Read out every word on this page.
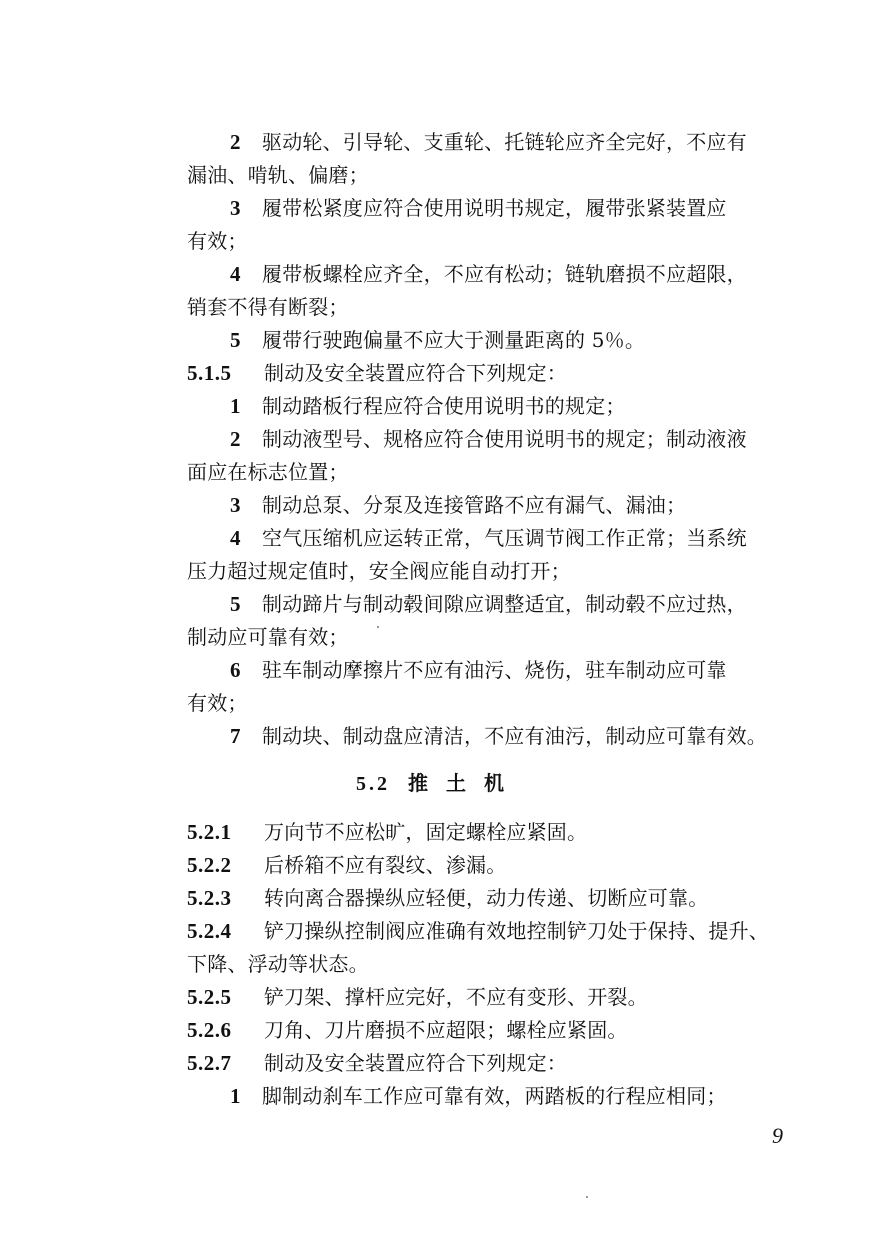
2 驱动轮、引导轮、支重轮、托链轮应齐全完好，不应有
漏油、啃轨、偏磨；
3 履带松紧度应符合使用说明书规定，履带张紧装置应
有效；
4 履带板螺栓应齐全，不应有松动；链轨磨损不应超限，
销套不得有断裂；
5 履带行驶跑偏量不应大于测量距离的 5％。
5.1.5 制动及安全装置应符合下列规定：
1 制动踏板行程应符合使用说明书的规定；
2 制动液型号、规格应符合使用说明书的规定；制动液液
面应在标志位置；
3 制动总泵、分泵及连接管路不应有漏气、漏油；
4 空气压缩机应运转正常，气压调节阀工作正常；当系统
压力超过规定值时，安全阀应能自动打开；
5 制动蹄片与制动毂间隙应调整适宜，制动毂不应过热，
制动应可靠有效；
6 驻车制动摩擦片不应有油污、烧伤，驻车制动应可靠
有效；
7 制动块、制动盘应清洁，不应有油污，制动应可靠有效。
5.2 推土机
5.2.1 万向节不应松旷，固定螺栓应紧固。
5.2.2 后桥箱不应有裂纹、渗漏。
5.2.3 转向离合器操纵应轻便，动力传递、切断应可靠。
5.2.4 铲刀操纵控制阀应准确有效地控制铲刀处于保持、提升、
下降、浮动等状态。
5.2.5 铲刀架、撑杆应完好，不应有变形、开裂。
5.2.6 刀角、刀片磨损不应超限；螺栓应紧固。
5.2.7 制动及安全装置应符合下列规定：
1 脚制动刹车工作应可靠有效，两踏板的行程应相同；
9
